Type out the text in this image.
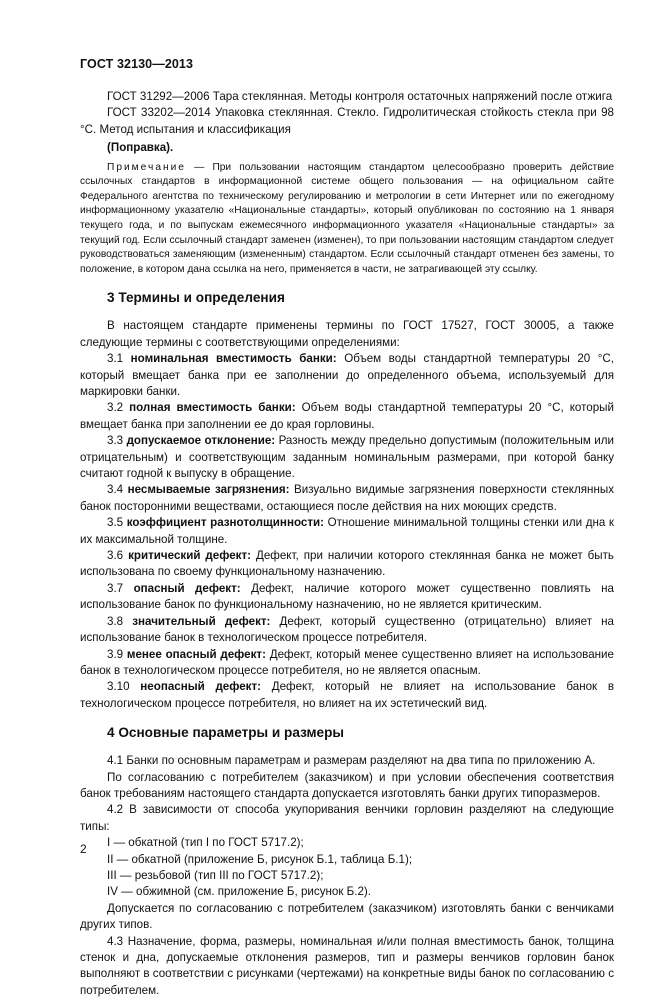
ГОСТ 32130—2013

ГОСТ 31292—2006 Тара стеклянная. Методы контроля остаточных напряжений после отжига

ГОСТ 33202—2014 Упаковка стеклянная. Стекло. Гидролитическая стойкость стекла при 98 °С. Метод испытания и классификация

(Поправка).

Примечание — При пользовании настоящим стандартом целесообразно проверить действие ссылочных стандартов в информационной системе общего пользования — на официальном сайте Федерального агентства по техническому регулированию и метрологии в сети Интернет или по ежегодному информационному указателю «Национальные стандарты», который опубликован по состоянию на 1 января текущего года, и по выпускам ежемесячного информационного указателя «Национальные стандарты» за текущий год. Если ссылочный стандарт заменен (изменен), то при пользовании настоящим стандартом следует руководствоваться заменяющим (измененным) стандартом. Если ссылочный стандарт отменен без замены, то положение, в котором дана ссылка на него, применяется в части, не затрагивающей эту ссылку.

3 Термины и определения

В настоящем стандарте применены термины по ГОСТ 17527, ГОСТ 30005, а также следующие термины с соответствующими определениями:

3.1 номинальная вместимость банки: Объем воды стандартной температуры 20 °С, который вмещает банка при ее заполнении до определенного объема, используемый для маркировки банки.

3.2 полная вместимость банки: Объем воды стандартной температуры 20 °С, который вмещает банка при заполнении ее до края горловины.

3.3 допускаемое отклонение: Разность между предельно допустимым (положительным или отрицательным) и соответствующим заданным номинальным размерами, при которой банку считают годной к выпуску в обращение.

3.4 несмываемые загрязнения: Визуально видимые загрязнения поверхности стеклянных банок посторонними веществами, остающиеся после действия на них моющих средств.

3.5 коэффициент разнотолщинности: Отношение минимальной толщины стенки или дна к их максимальной толщине.

3.6 критический дефект: Дефект, при наличии которого стеклянная банка не может быть использована по своему функциональному назначению.

3.7 опасный дефект: Дефект, наличие которого может существенно повлиять на использование банок по функциональному назначению, но не является критическим.

3.8 значительный дефект: Дефект, который существенно (отрицательно) влияет на использование банок в технологическом процессе потребителя.

3.9 менее опасный дефект: Дефект, который менее существенно влияет на использование банок в технологическом процессе потребителя, но не является опасным.

3.10 неопасный дефект: Дефект, который не влияет на использование банок в технологическом процессе потребителя, но влияет на их эстетический вид.

4 Основные параметры и размеры

4.1 Банки по основным параметрам и размерам разделяют на два типа по приложению А.

По согласованию с потребителем (заказчиком) и при условии обеспечения соответствия банок требованиям настоящего стандарта допускается изготовлять банки других типоразмеров.

4.2 В зависимости от способа укупоривания венчики горловин разделяют на следующие типы:

I — обкатной (тип I по ГОСТ 5717.2);

II — обкатной (приложение Б, рисунок Б.1, таблица Б.1);

III — резьбовой (тип III по ГОСТ 5717.2);

IV — обжимной (см. приложение Б, рисунок Б.2).

Допускается по согласованию с потребителем (заказчиком) изготовлять банки с венчиками других типов.

4.3 Назначение, форма, размеры, номинальная и/или полная вместимость банок, толщина стенок и дна, допускаемые отклонения размеров, тип и размеры венчиков горловин банок выполняют в соответствии с рисунками (чертежами) на конкретные виды банок по согласованию с потребителем.

2
